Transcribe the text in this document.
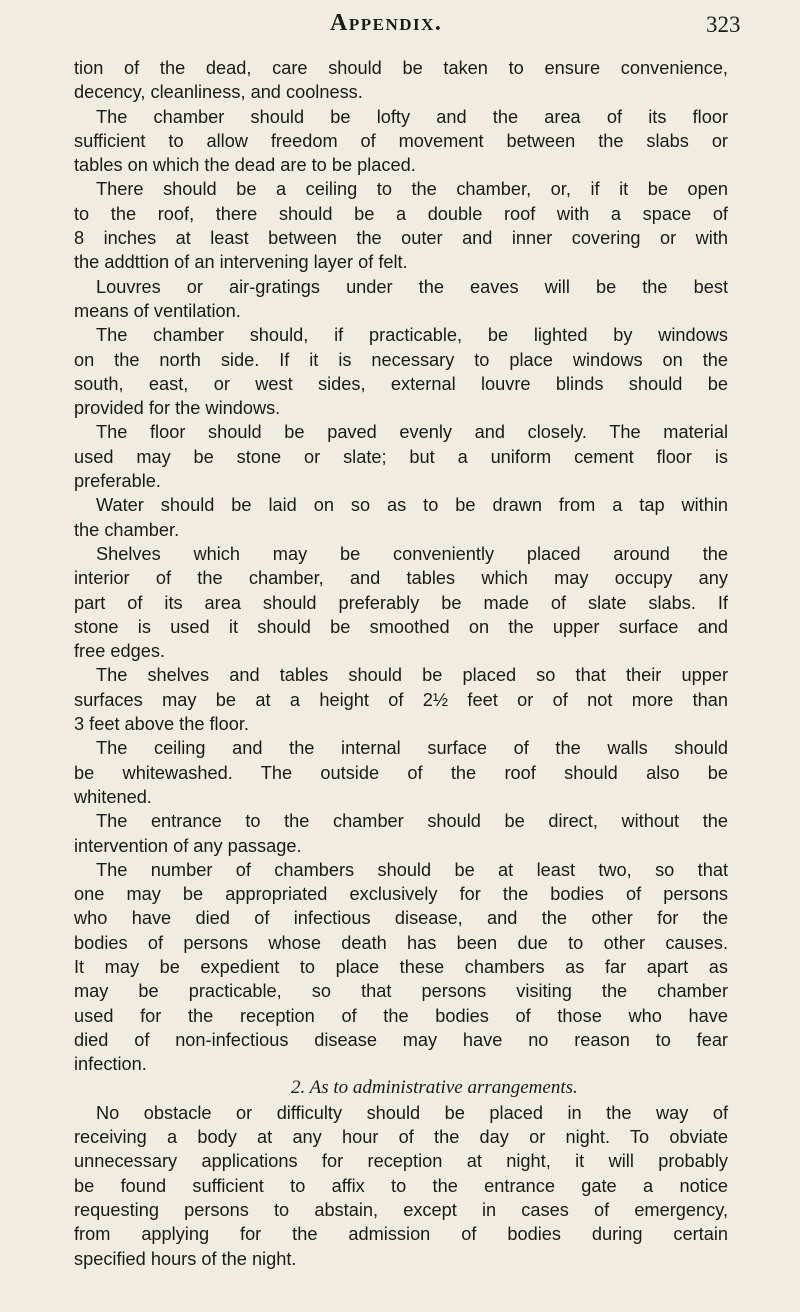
Appendix.	323
tion of the dead, care should be taken to ensure convenience,
decency, cleanliness, and coolness.
The chamber should be lofty and the area of its floor
sufficient to allow freedom of movement between the slabs or
tables on which the dead are to be placed.
There should be a ceiling to the chamber, or, if it be open
to the roof, there should be a double roof with a space of
8 inches at least between the outer and inner covering or with
the addttion of an intervening layer of felt.
Louvres or air-gratings under the eaves will be the best
means of ventilation.
The chamber should, if practicable, be lighted by windows
on the north side. If it is necessary to place windows on the
south, east, or west sides, external louvre blinds should be
provided for the windows.
The floor should be paved evenly and closely. The material
used may be stone or slate; but a uniform cement floor is
preferable.
Water should be laid on so as to be drawn from a tap within
the chamber.
Shelves which may be conveniently placed around the
interior of the chamber, and tables which may occupy any
part of its area should preferably be made of slate slabs. If
stone is used it should be smoothed on the upper surface and
free edges.
The shelves and tables should be placed so that their upper
surfaces may be at a height of 2½ feet or of not more than
3 feet above the floor.
The ceiling and the internal surface of the walls should
be whitewashed. The outside of the roof should also be
whitened.
The entrance to the chamber should be direct, without the
intervention of any passage.
The number of chambers should be at least two, so that
one may be appropriated exclusively for the bodies of persons
who have died of infectious disease, and the other for the
bodies of persons whose death has been due to other causes.
It may be expedient to place these chambers as far apart as
may be practicable, so that persons visiting the chamber
used for the reception of the bodies of those who have
died of non-infectious disease may have no reason to fear
infection.
2. As to administrative arrangements.
No obstacle or difficulty should be placed in the way of
receiving a body at any hour of the day or night. To obviate
unnecessary applications for reception at night, it will probably
be found sufficient to affix to the entrance gate a notice
requesting persons to abstain, except in cases of emergency,
from applying for the admission of bodies during certain
specified hours of the night.
